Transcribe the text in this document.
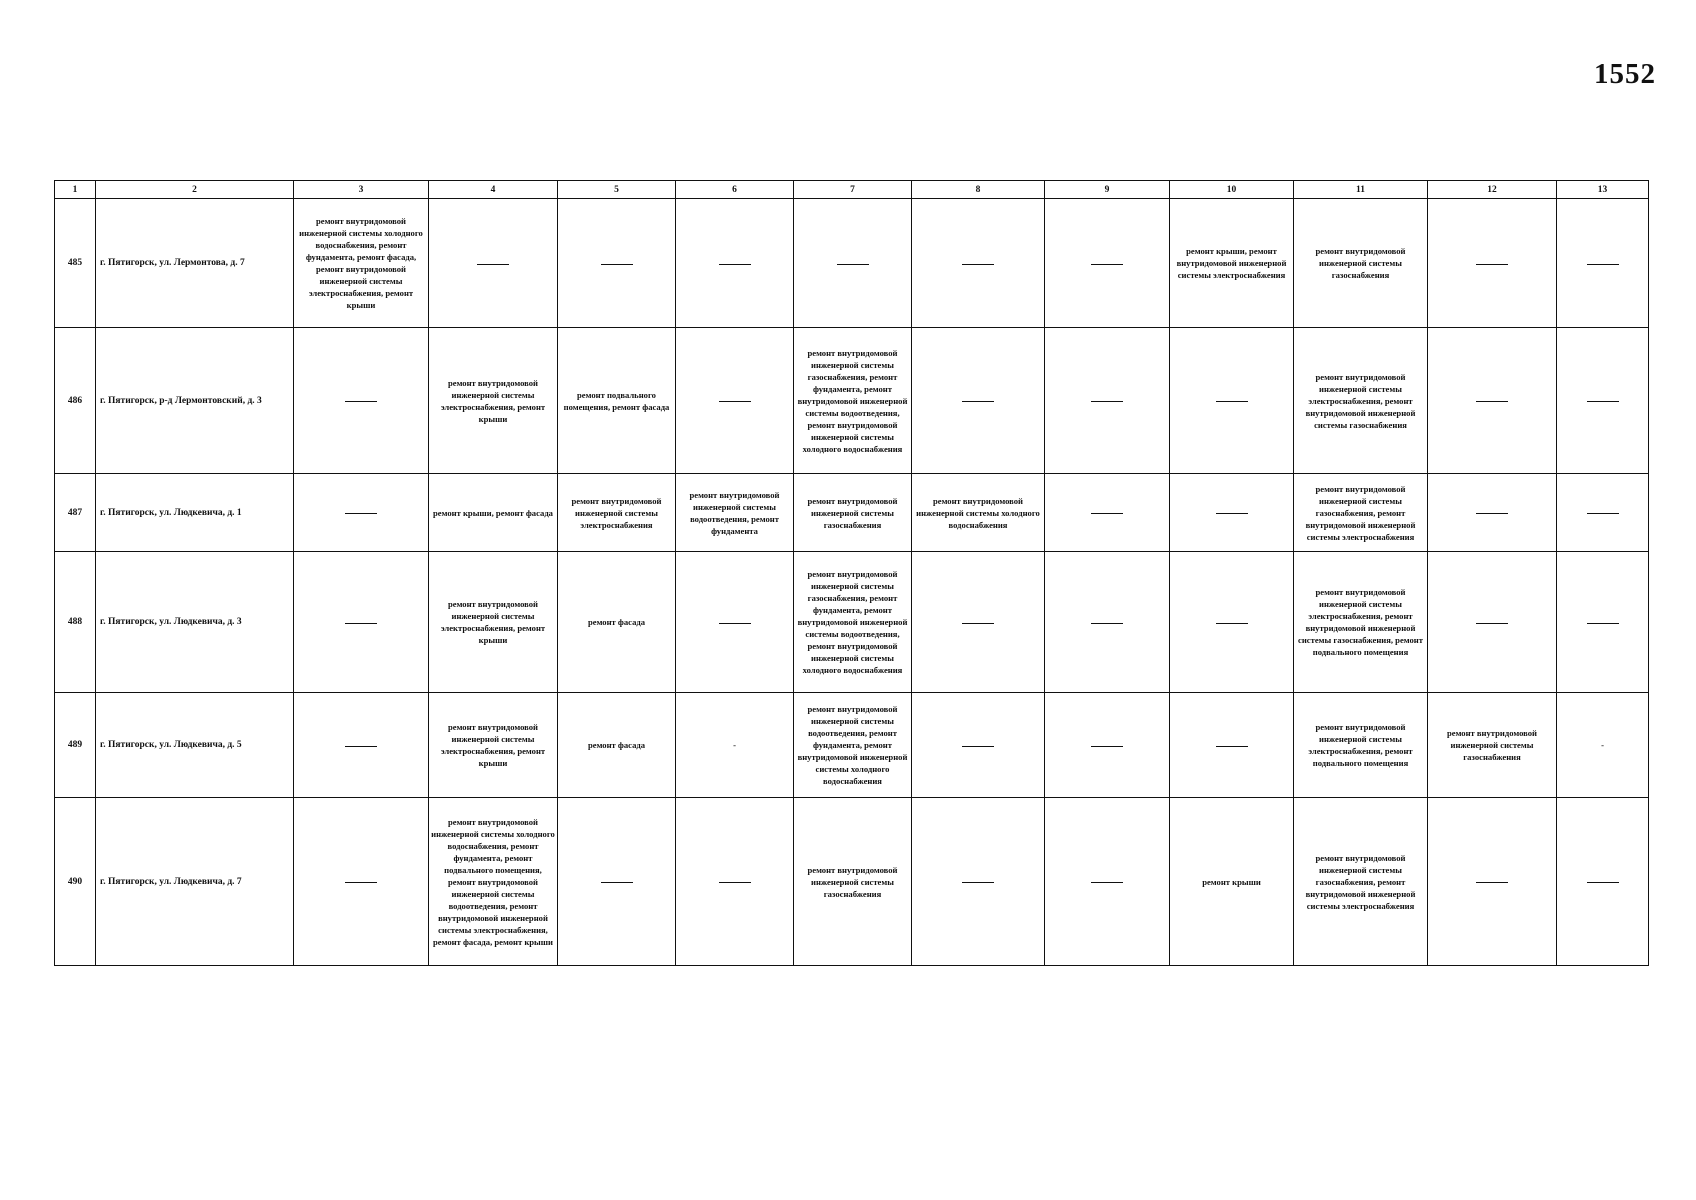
1552
1	2	3	4	5	6	7	8	9	10	11	12	13
485	г. Пятигорск, ул. Лермонтова, д. 7	ремонт внутридомовой инженерной системы холодного водоснабжения, ремонт фундамента, ремонт фасада, ремонт внутридомовой инженерной системы электроснабжения, ремонт крыши							ремонт крыши, ремонт внутридомовой инженерной системы электроснабжения	ремонт внутридомовой инженерной системы газоснабжения		
486	г. Пятигорск, р-д Лермонтовский, д. 3		ремонт внутридомовой инженерной системы электроснабжения, ремонт крыши	ремонт подвального помещения, ремонт фасада		ремонт внутридомовой инженерной системы газоснабжения, ремонт фундамента, ремонт внутридомовой инженерной системы водоотведения, ремонт внутридомовой инженерной системы холодного водоснабжения				ремонт внутридомовой инженерной системы электроснабжения, ремонт внутридомовой инженерной системы газоснабжения		
487	г. Пятигорск, ул. Людкевича, д. 1		ремонт крыши, ремонт фасада	ремонт внутридомовой инженерной системы электроснабжения	ремонт внутридомовой инженерной системы водоотведения, ремонт фундамента	ремонт внутридомовой инженерной системы газоснабжения	ремонт внутридомовой инженерной системы холодного водоснабжения			ремонт внутридомовой инженерной системы газоснабжения, ремонт внутридомовой инженерной системы электроснабжения		
488	г. Пятигорск, ул. Людкевича, д. 3		ремонт внутридомовой инженерной системы электроснабжения, ремонт крыши	ремонт фасада		ремонт внутридомовой инженерной системы газоснабжения, ремонт фундамента, ремонт внутридомовой инженерной системы водоотведения, ремонт внутридомовой инженерной системы холодного водоснабжения				ремонт внутридомовой инженерной системы электроснабжения, ремонт внутридомовой инженерной системы газоснабжения, ремонт подвального помещения		
489	г. Пятигорск, ул. Людкевича, д. 5		ремонт внутридомовой инженерной системы электроснабжения, ремонт крыши	ремонт фасада	-	ремонт внутридомовой инженерной системы водоотведения, ремонт фундамента, ремонт внутридомовой инженерной системы холодного водоснабжения				ремонт внутридомовой инженерной системы электроснабжения, ремонт подвального помещения	ремонт внутридомовой инженерной системы газоснабжения	-
490	г. Пятигорск, ул. Людкевича, д. 7		ремонт внутридомовой инженерной системы холодного водоснабжения, ремонт фундамента, ремонт подвального помещения, ремонт внутридомовой инженерной системы водоотведения, ремонт внутридомовой инженерной системы электроснабжения, ремонт фасада, ремонт крыши			ремонт внутридомовой инженерной системы газоснабжения			ремонт крыши	ремонт внутридомовой инженерной системы газоснабжения, ремонт внутридомовой инженерной системы электроснабжения		
